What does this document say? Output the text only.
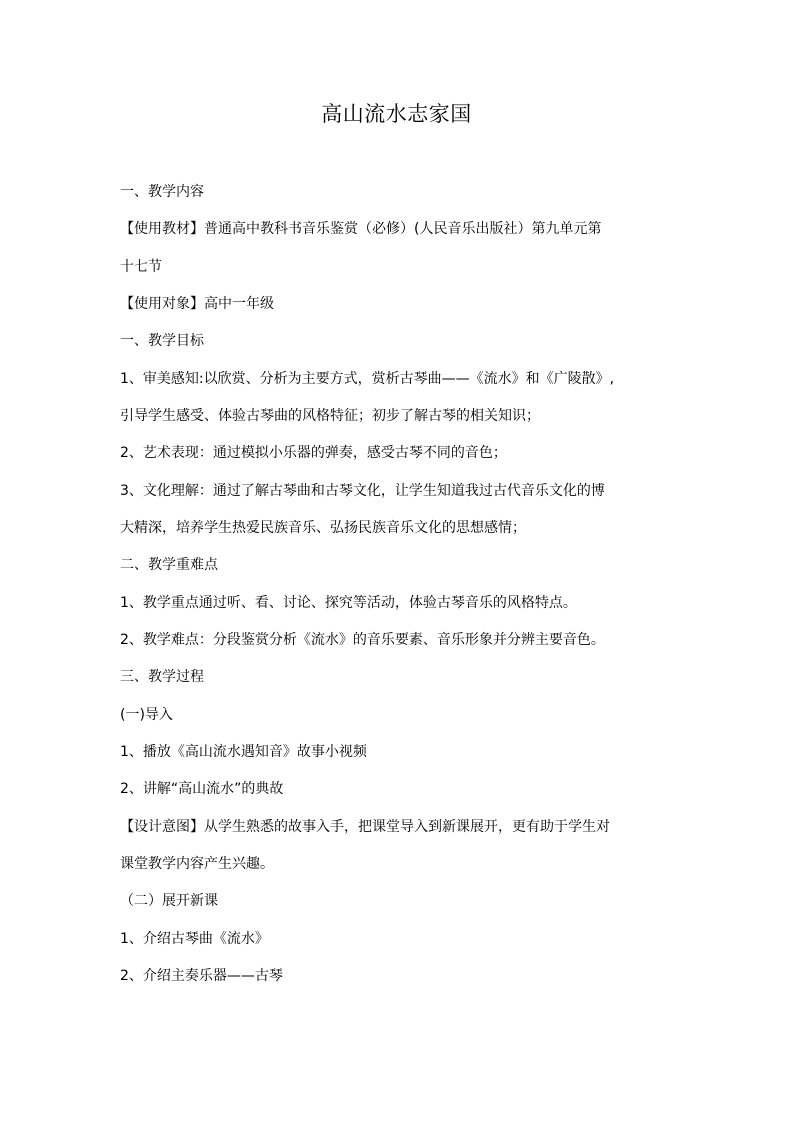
高山流水志家国
一、教学内容
【使用教材】普通高中教科书音乐鉴赏（必修）(人民音乐出版社）第九单元第
十七节
【使用对象】高中一年级
一、教学目标
1、审美感知:以欣赏、分析为主要方式，赏析古琴曲——《流水》和《广陵散》,
引导学生感受、体验古琴曲的风格特征；初步了解古琴的相关知识；
2、艺术表现：通过模拟小乐器的弹奏，感受古琴不同的音色；
3、文化理解：通过了解古琴曲和古琴文化，让学生知道我过古代音乐文化的博
大精深，培养学生热爱民族音乐、弘扬民族音乐文化的思想感情；
二、教学重难点
1、教学重点通过听、看、讨论、探究等活动，体验古琴音乐的风格特点。
2、教学难点：分段鉴赏分析《流水》的音乐要素、音乐形象并分辨主要音色。
三、教学过程
(一)导入
1、播放《高山流水遇知音》故事小视频
2、讲解“高山流水”的典故
【设计意图】从学生熟悉的故事入手，把课堂导入到新课展开，更有助于学生对
课堂教学内容产生兴趣。
（二）展开新课
1、介绍古琴曲《流水》
2、介绍主奏乐器——古琴
